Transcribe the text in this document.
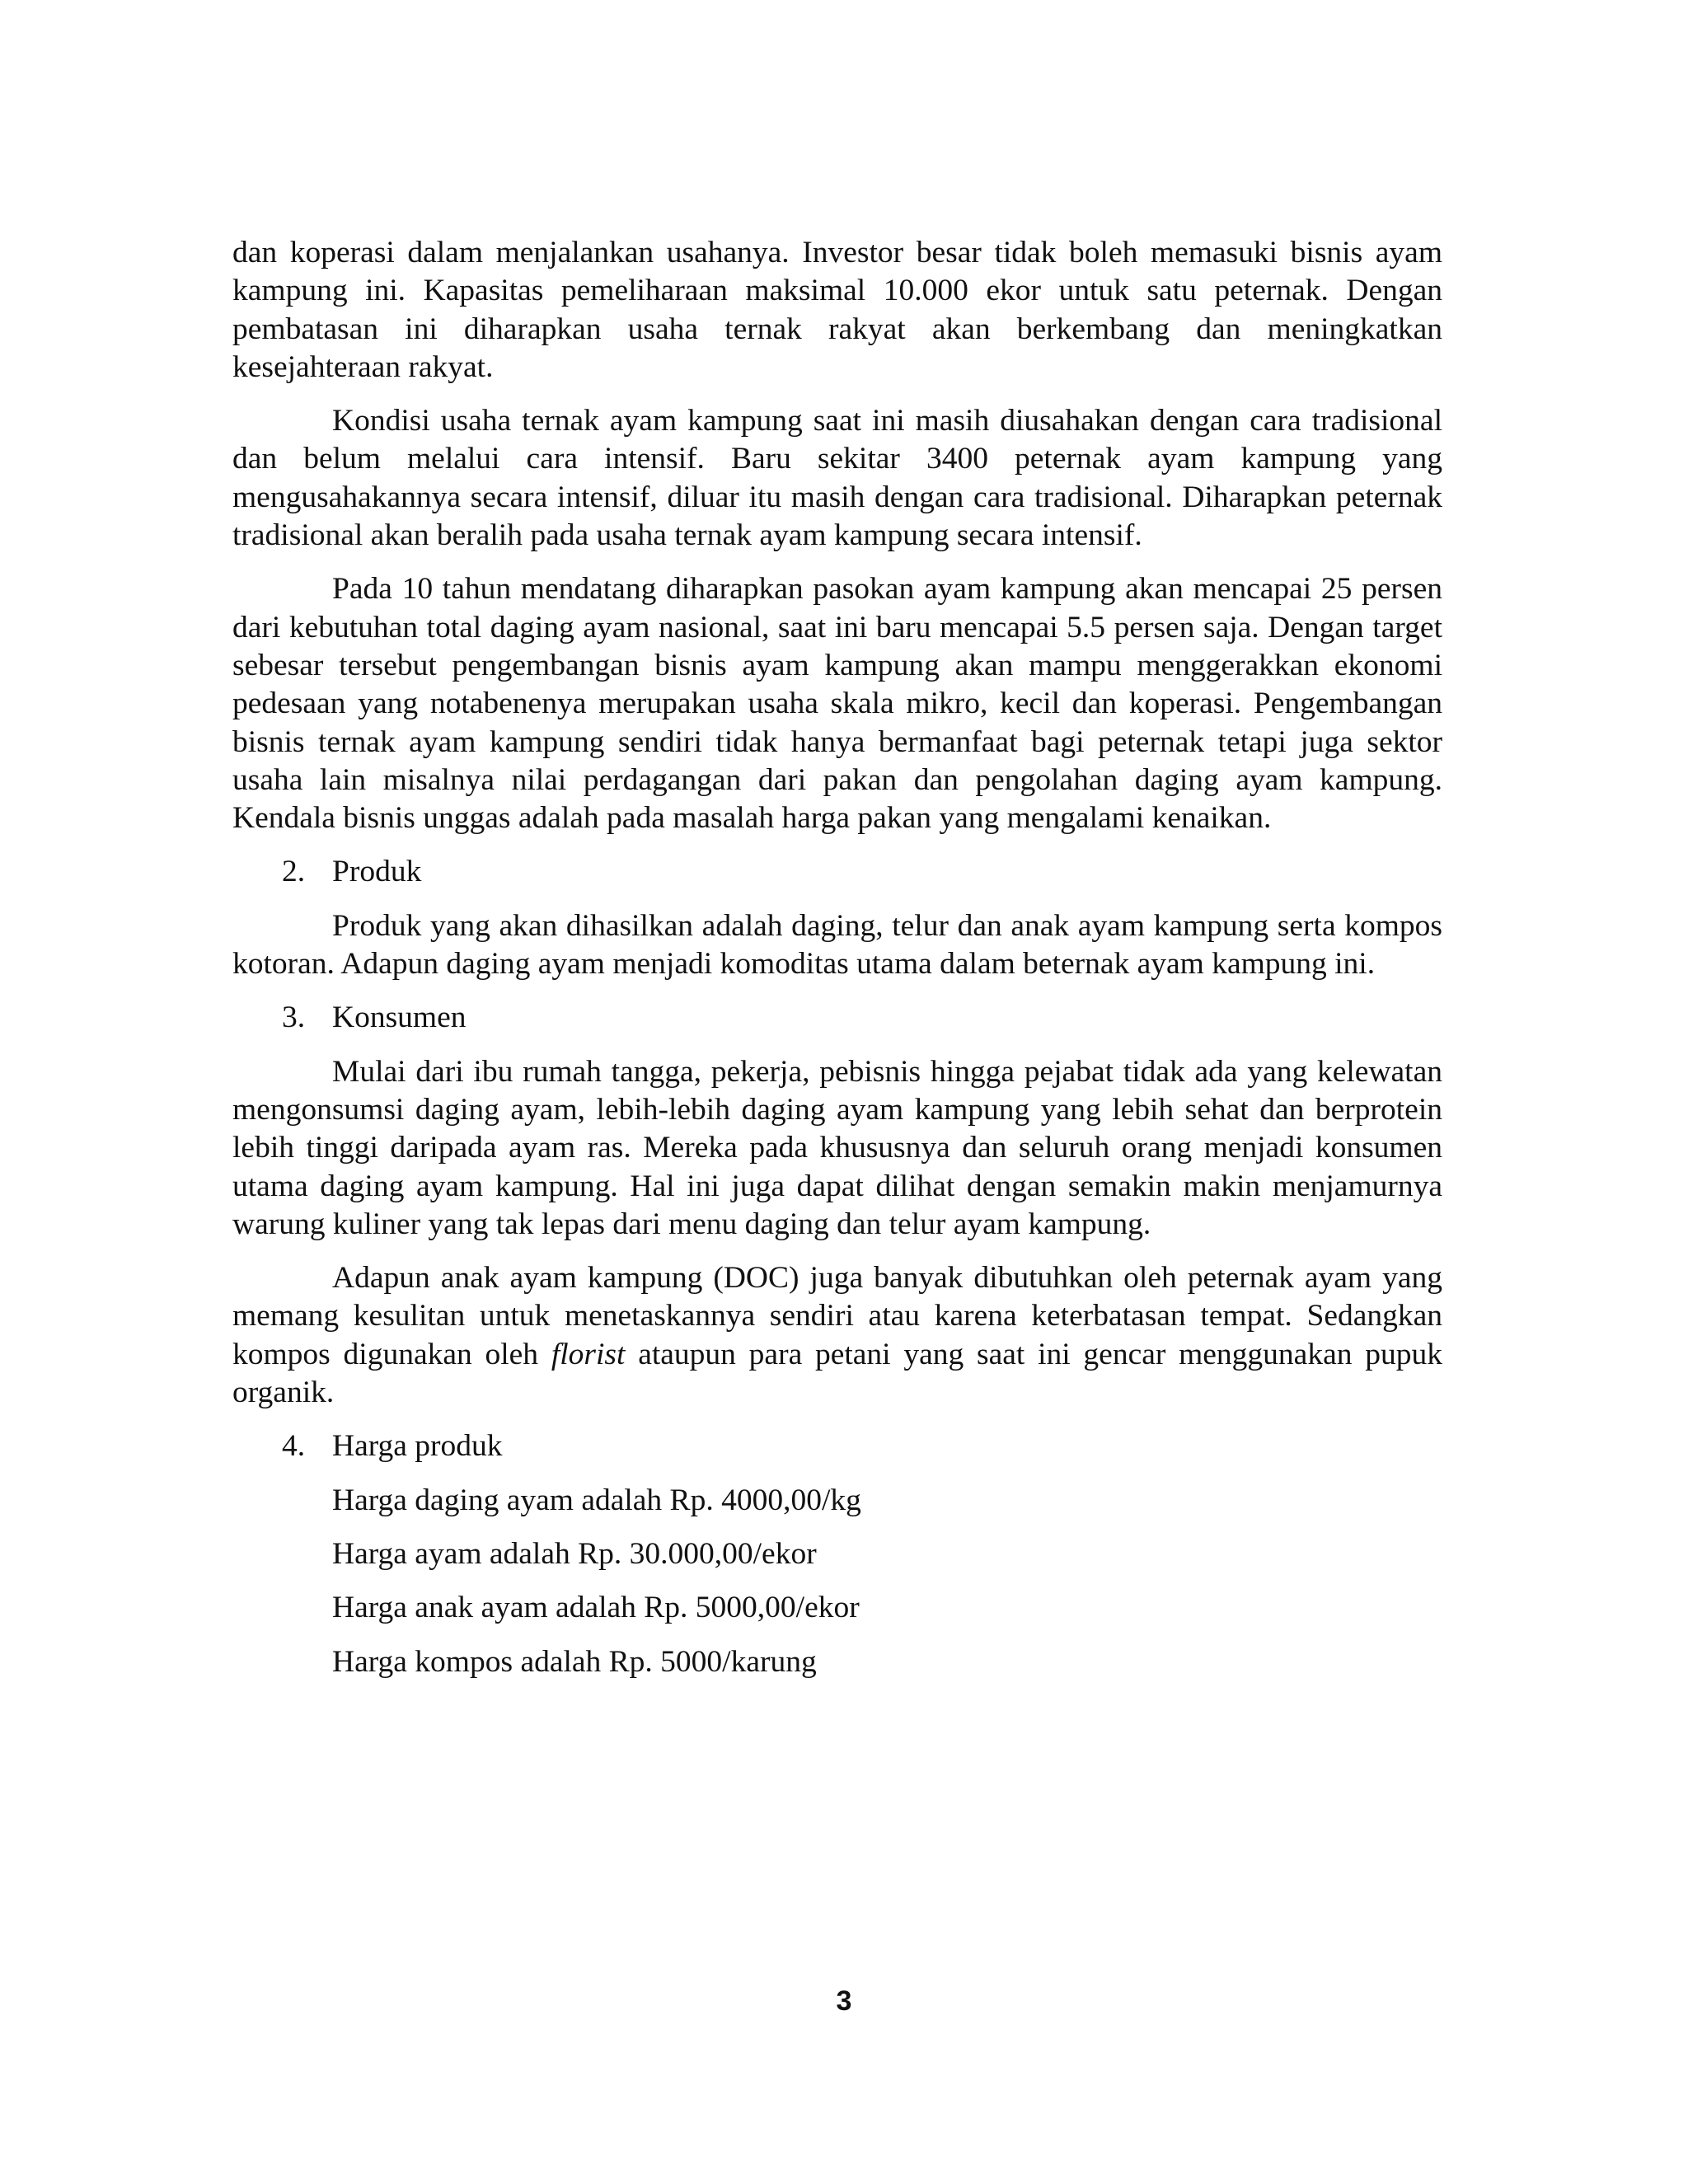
dan koperasi dalam menjalankan usahanya. Investor besar tidak boleh memasuki bisnis ayam kampung ini. Kapasitas pemeliharaan maksimal 10.000 ekor untuk satu peternak. Dengan pembatasan ini diharapkan usaha ternak rakyat akan berkembang dan meningkatkan kesejahteraan rakyat.

Kondisi usaha ternak ayam kampung saat ini masih diusahakan dengan cara tradisional dan belum melalui cara intensif. Baru sekitar 3400 peternak ayam kampung yang mengusahakannya secara intensif, diluar itu masih dengan cara tradisional. Diharapkan peternak tradisional akan beralih pada usaha ternak ayam kampung secara intensif.

Pada 10 tahun mendatang diharapkan pasokan ayam kampung akan mencapai 25 persen dari kebutuhan total daging ayam nasional, saat ini baru mencapai 5.5 persen saja. Dengan target sebesar tersebut pengembangan bisnis ayam kampung akan mampu menggerakkan ekonomi pedesaan yang notabenenya merupakan usaha skala mikro, kecil dan koperasi. Pengembangan bisnis ternak ayam kampung sendiri tidak hanya bermanfaat bagi peternak tetapi juga sektor usaha lain misalnya nilai perdagangan dari pakan dan pengolahan daging ayam kampung. Kendala bisnis unggas adalah pada masalah harga pakan yang mengalami kenaikan.

2. Produk

Produk yang akan dihasilkan adalah daging, telur dan anak ayam kampung serta kompos kotoran. Adapun daging ayam menjadi komoditas utama dalam beternak ayam kampung ini.

3. Konsumen

Mulai dari ibu rumah tangga, pekerja, pebisnis hingga pejabat tidak ada yang kelewatan mengonsumsi daging ayam, lebih-lebih daging ayam kampung yang lebih sehat dan berprotein lebih tinggi daripada ayam ras. Mereka pada khususnya dan seluruh orang menjadi konsumen utama daging ayam kampung. Hal ini juga dapat dilihat dengan semakin makin menjamurnya warung kuliner yang tak lepas dari menu daging dan telur ayam kampung.

Adapun anak ayam kampung (DOC) juga banyak dibutuhkan oleh peternak ayam yang memang kesulitan untuk menetaskannya sendiri atau karena keterbatasan tempat. Sedangkan kompos digunakan oleh florist ataupun para petani yang saat ini gencar menggunakan pupuk organik.

4. Harga produk

Harga daging ayam adalah Rp. 4000,00/kg

Harga ayam adalah Rp. 30.000,00/ekor

Harga anak ayam adalah Rp. 5000,00/ekor

Harga kompos adalah Rp. 5000/karung

3
